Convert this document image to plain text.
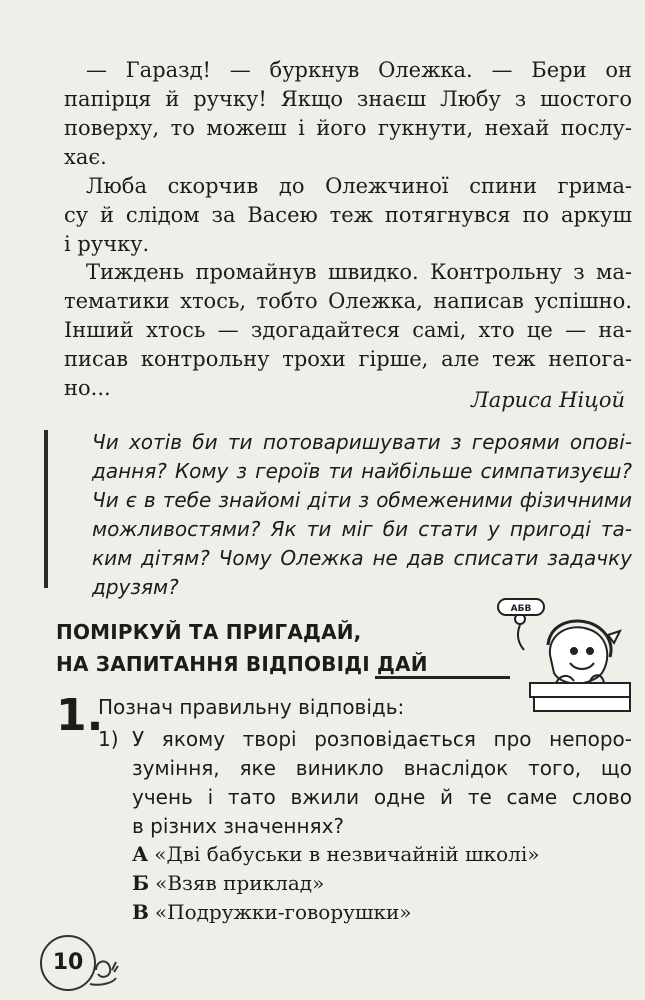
— Гаразд! — буркнув Олежка. — Бери он
папірця й ручку! Якщо знаєш Любу з шостого
поверху, то можеш і його гукнути, нехай послу-
хає.

Люба скорчив до Олежчиної спини грима-
су й слідом за Васею теж потягнувся по аркуш
і ручку.

Тиждень промайнув швидко. Контрольну з ма-
тематики хтось, тобто Олежка, написав успішно.
Інший хтось — здогадайтеся самі, хто це — на-
писав контрольну трохи гірше, але теж непога-
но...	Лариса Ніцой
Чи хотів би ти потоваришувати з героями опові-
дання? Кому з героїв ти найбільше симпатизуєш?
Чи є в тебе знайомі діти з обмеженими фізичними
можливостями? Як ти міг би стати у пригоді та-
ким дітям? Чому Олежка не дав списати задачку
друзям?
ПОМІРКУЙ ТА ПРИГАДАЙ,
НА ЗАПИТАННЯ ВІДПОВІДІ ДАЙ
АБВ
1.
Познач правильну відповідь:
1) У якому творі розповідається про непоро-
зуміння, яке виникло внаслідок того, що
учень і тато вжили одне й те саме слово
в різних значеннях?
А «Дві бабуськи в незвичайній школі»
Б «Взяв приклад»
В «Подружки-говорушки»
10
